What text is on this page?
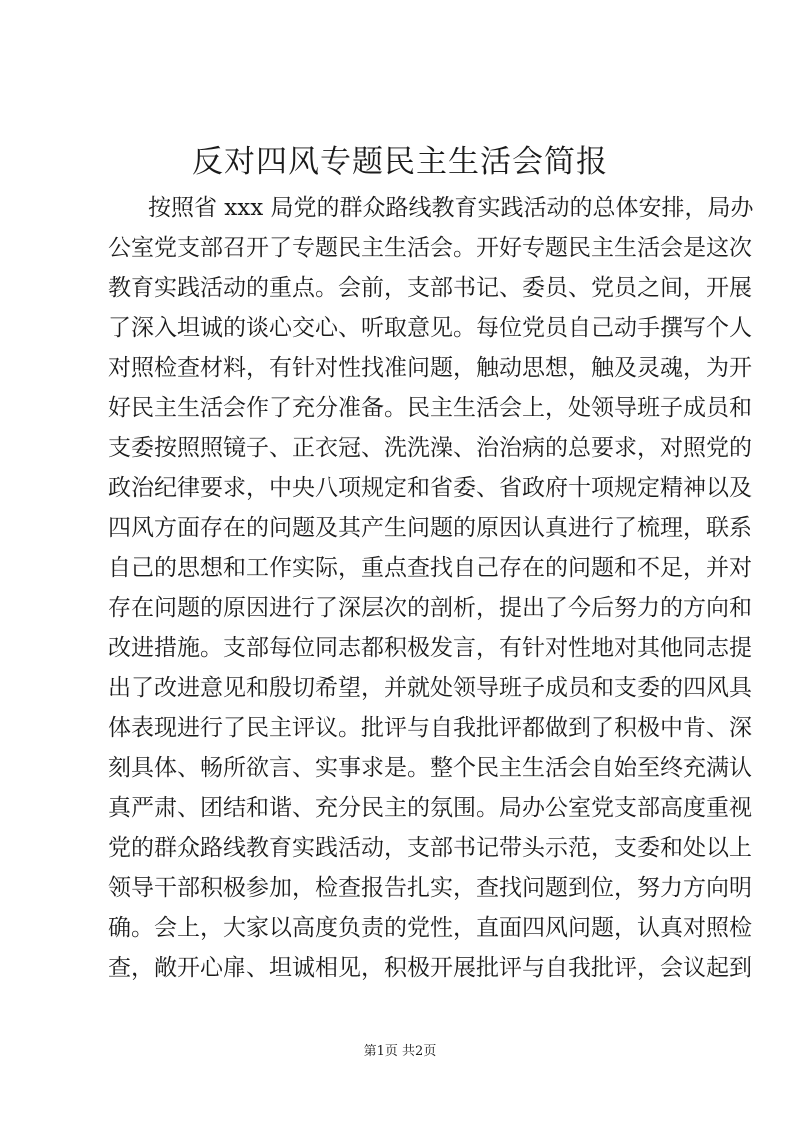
反对四风专题民主生活会简报
按照省 xxx 局党的群众路线教育实践活动的总体安排，局办
公室党支部召开了专题民主生活会。开好专题民主生活会是这次
教育实践活动的重点。会前，支部书记、委员、党员之间，开展
了深入坦诚的谈心交心、听取意见。每位党员自己动手撰写个人
对照检查材料，有针对性找准问题，触动思想，触及灵魂，为开
好民主生活会作了充分准备。民主生活会上，处领导班子成员和
支委按照照镜子、正衣冠、洗洗澡、治治病的总要求，对照党的
政治纪律要求，中央八项规定和省委、省政府十项规定精神以及
四风方面存在的问题及其产生问题的原因认真进行了梳理，联系
自己的思想和工作实际，重点查找自己存在的问题和不足，并对
存在问题的原因进行了深层次的剖析，提出了今后努力的方向和
改进措施。支部每位同志都积极发言，有针对性地对其他同志提
出了改进意见和殷切希望，并就处领导班子成员和支委的四风具
体表现进行了民主评议。批评与自我批评都做到了积极中肯、深
刻具体、畅所欲言、实事求是。整个民主生活会自始至终充满认
真严肃、团结和谐、充分民主的氛围。局办公室党支部高度重视
党的群众路线教育实践活动，支部书记带头示范，支委和处以上
领导干部积极参加，检查报告扎实，查找问题到位，努力方向明
确。会上，大家以高度负责的党性，直面四风问题，认真对照检
查，敞开心扉、坦诚相见，积极开展批评与自我批评，会议起到
第1页 共2页
